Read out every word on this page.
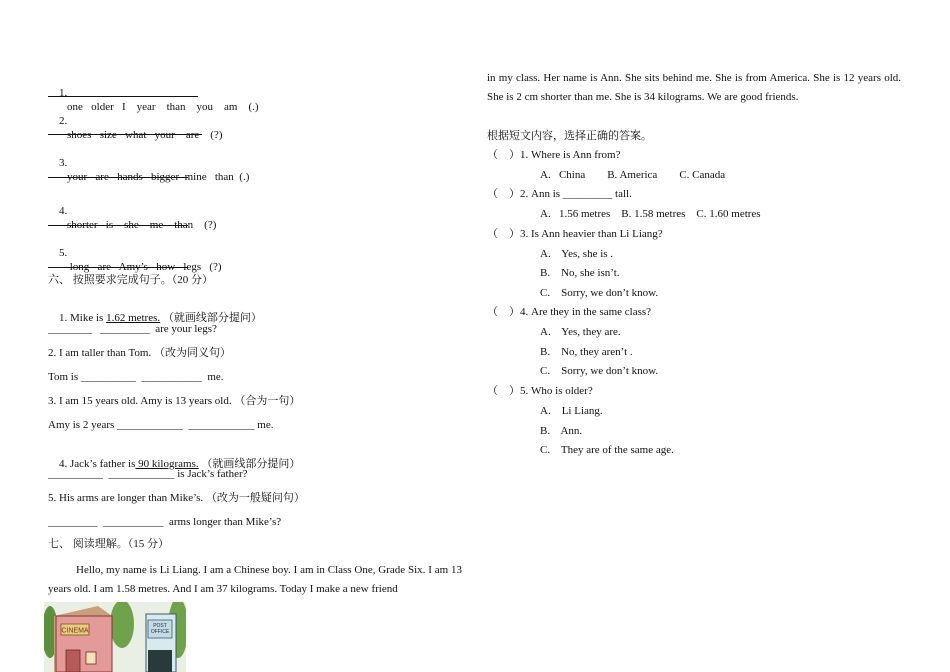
1.
one   older   I    year    than    you    am    (.)

2.
shoes   size   what   your    are    (?)

3.
your   are   hands   bigger  mine   than  (.)

4.
shorter   is    she    me    than    (?)

5.
long   are   Amy’s   how   legs   (?)

六、 按照要求完成句子。（20 分）

1. Mike is 1.62 metres. （就画线部分提问）

________   _________  are your legs?
2. I am taller than Tom. （改为同义句）
Tom is __________  ___________  me.
3. I am 15 years old. Amy is 13 years old. （合为一句）
Amy is 2 years ____________  ____________ me.

4. Jack’s father is 90 kilograms. （就画线部分提问）

__________  ____________ is Jack’s father?
5. His arms are longer than Mike’s. （改为一般疑问句）
_________  ___________  arms longer than Mike’s?
七、 阅读理解。（15 分）
Hello, my name is Li Liang. I am a Chinese boy. I am in Class One, Grade Six. I am 13 years old. I am 1.58 metres. And I am 37 kilograms. Today I make a new friend
CINEMA
POST
OFFICE
in my class. Her name is Ann. She sits behind me. She is from America. She is 12 years old. She is 2 cm shorter than me. She is 34 kilograms. We are good friends.
根据短文内容，选择正确的答案。
（    ）1. Where is Ann from?
A.   China        B. America        C. Canada
（    ）2. Ann is _________ tall.
A.   1.56 metres    B. 1.58 metres    C. 1.60 metres
（    ）3. Is Ann heavier than Li Liang?
A.    Yes, she is .
B.    No, she isn’t.
C.    Sorry, we don’t know.
（    ）4. Are they in the same class?
A.    Yes, they are.
B.    No, they aren’t .
C.    Sorry, we don’t know.
（    ）5. Who is older?
A.    Li Liang.
B.    Ann.
C.    They are of the same age.
